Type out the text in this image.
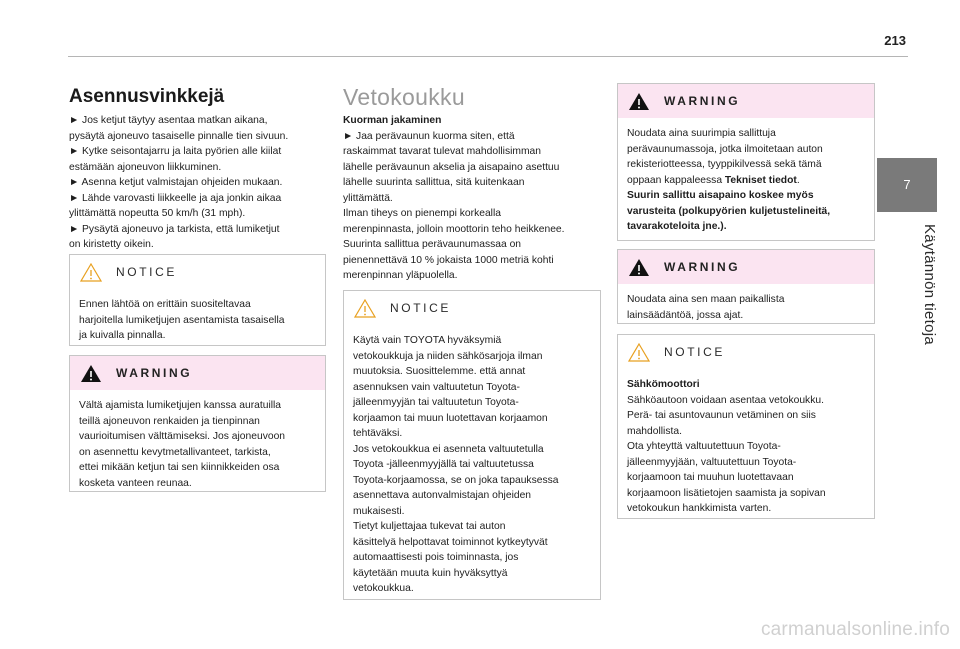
213
7
Käytännön tietoja
Asennusvinkkejä
► Jos ketjut täytyy asentaa matkan aikana,
pysäytä ajoneuvo tasaiselle pinnalle tien sivuun.
► Kytke seisontajarru ja laita pyörien alle kiilat
estämään ajoneuvon liikkuminen.
► Asenna ketjut valmistajan ohjeiden mukaan.
► Lähde varovasti liikkeelle ja aja jonkin aikaa
ylittämättä nopeutta 50 km/h (31 mph).
► Pysäytä ajoneuvo ja tarkista, että lumiketjut
on kiristetty oikein.
NOTICE
Ennen lähtöä on erittäin suositeltavaa
harjoitella lumiketjujen asentamista tasaisella
ja kuivalla pinnalla.
WARNING
Vältä ajamista lumiketjujen kanssa auratuilla
teillä ajoneuvon renkaiden ja tienpinnan
vaurioitumisen välttämiseksi. Jos ajoneuvoon
on asennettu kevytmetallivanteet, tarkista,
ettei mikään ketjun tai sen kiinnikkeiden osa
kosketa vanteen reunaa.
Vetokoukku
Kuorman jakaminen
► Jaa perävaunun kuorma siten, että
raskaimmat tavarat tulevat mahdollisimman
lähelle perävaunun akselia ja aisapaino asettuu
lähelle suurinta sallittua, sitä kuitenkaan
ylittämättä.
Ilman tiheys on pienempi korkealla
merenpinnasta, jolloin moottorin teho heikkenee.
Suurinta sallittua perävaunumassaa on
pienennettävä 10 % jokaista 1000 metriä kohti
merenpinnan yläpuolella.
NOTICE
Käytä vain TOYOTA hyväksymiä
vetokoukkuja ja niiden sähkösarjoja ilman
muutoksia. Suosittelemme. että annat
asennuksen vain valtuutetun Toyota-
jälleenmyyjän tai valtuutetun Toyota-
korjaamon tai muun luotettavan korjaamon
tehtäväksi.
Jos vetokoukkua ei asenneta valtuutetulla
Toyota -jälleenmyyjällä tai valtuutetussa
Toyota-korjaamossa, se on joka tapauksessa
asennettava autonvalmistajan ohjeiden
mukaisesti.
Tietyt kuljettajaa tukevat tai auton
käsittelyä helpottavat toiminnot kytkeytyvät
automaattisesti pois toiminnasta, jos
käytetään muuta kuin hyväksyttyä
vetokoukkua.
WARNING
Noudata aina suurimpia sallittuja
perävaunumassoja, jotka ilmoitetaan auton
rekisteriotteessa, tyyppikilvessä sekä tämä
oppaan kappaleessa Tekniset tiedot.
Suurin sallittu aisapaino koskee myös
varusteita (polkupyörien kuljetustelineitä,
tavarakoteloita jne.).
WARNING
Noudata aina sen maan paikallista
lainsäädäntöä, jossa ajat.
NOTICE
Sähkömoottori
Sähköautoon voidaan asentaa vetokoukku.
Perä- tai asuntovaunun vetäminen on siis
mahdollista.
Ota yhteyttä valtuutettuun Toyota-
jälleenmyyjään, valtuutettuun Toyota-
korjaamoon tai muuhun luotettavaan
korjaamoon lisätietojen saamista ja sopivan
vetokoukun hankkimista varten.
carmanualsonline.info
